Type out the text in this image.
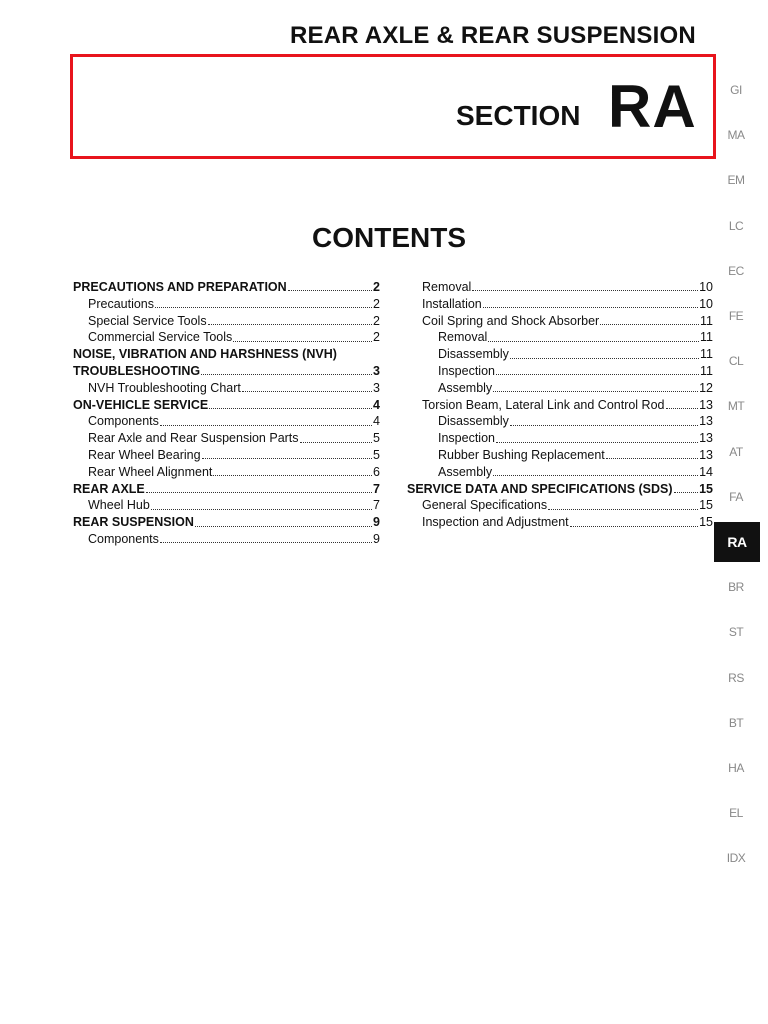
REAR AXLE & REAR SUSPENSION
SECTION RA
CONTENTS
PRECAUTIONS AND PREPARATION	2
Precautions	2
Special Service Tools	2
Commercial Service Tools	2
NOISE, VIBRATION AND HARSHNESS (NVH)
TROUBLESHOOTING	3
NVH Troubleshooting Chart	3
ON-VEHICLE SERVICE	4
Components	4
Rear Axle and Rear Suspension Parts	5
Rear Wheel Bearing	5
Rear Wheel Alignment	6
REAR AXLE	7
Wheel Hub	7
REAR SUSPENSION	9
Components	9
Removal	10
Installation	10
Coil Spring and Shock Absorber	11
Removal	11
Disassembly	11
Inspection	11
Assembly	12
Torsion Beam, Lateral Link and Control Rod	13
Disassembly	13
Inspection	13
Rubber Bushing Replacement	13
Assembly	14
SERVICE DATA AND SPECIFICATIONS (SDS) 15
General Specifications	15
Inspection and Adjustment	15
GI
MA
EM
LC
EC
FE
CL
MT
AT
FA
RA
BR
ST
RS
BT
HA
EL
IDX
